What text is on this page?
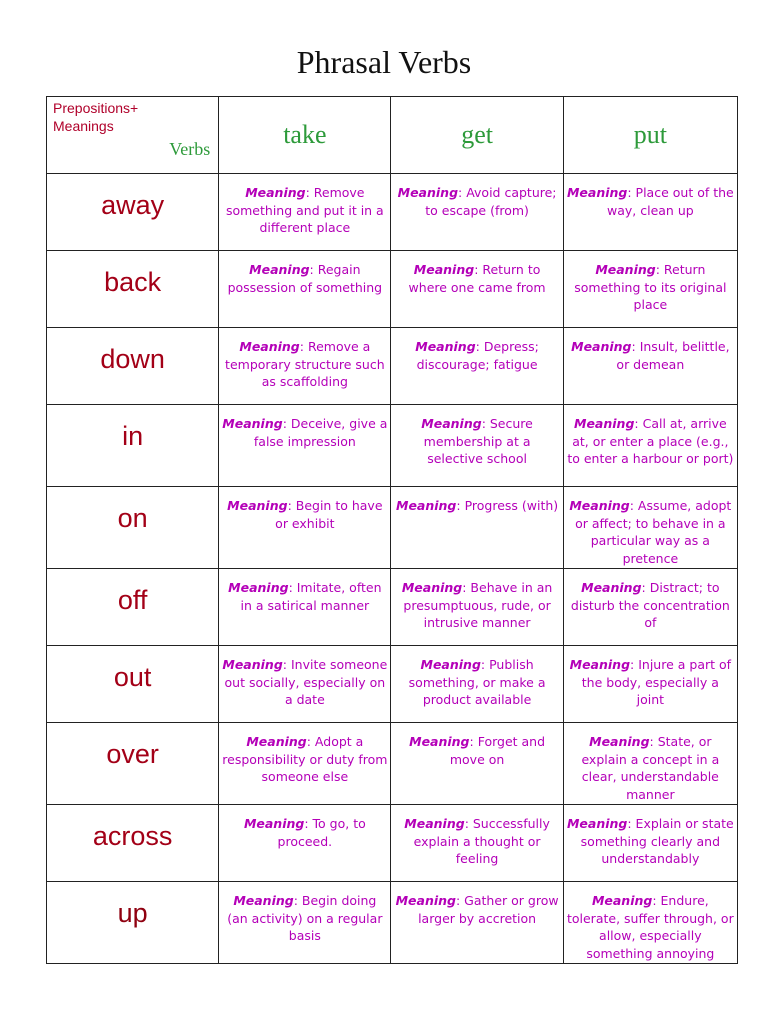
Phrasal Verbs
Prepositions+ Meanings
Verbs	take	get	put
away	Meaning: Remove something and put it in a different place	Meaning: Avoid capture; to escape (from)	Meaning: Place out of the way, clean up
back	Meaning: Regain possession of something	Meaning: Return to where one came from	Meaning: Return something to its original place
down	Meaning: Remove a temporary structure such as scaffolding	Meaning: Depress; discourage; fatigue	Meaning: Insult, belittle, or demean
in	Meaning: Deceive, give a false impression	Meaning: Secure membership at a selective school	Meaning: Call at, arrive at, or enter a place (e.g., to enter a harbour or port)
on	Meaning: Begin to have or exhibit	Meaning: Progress (with)	Meaning: Assume, adopt or affect; to behave in a particular way as a pretence
off	Meaning: Imitate, often in a satirical manner	Meaning: Behave in an presumptuous, rude, or intrusive manner	Meaning: Distract; to disturb the concentration of
out	Meaning: Invite someone out socially, especially on a date	Meaning: Publish something, or make a product available	Meaning: Injure a part of the body, especially a joint
over	Meaning: Adopt a responsibility or duty from someone else	Meaning: Forget and move on	Meaning: State, or explain a concept in a clear, understandable manner
across	Meaning: To go, to proceed.	Meaning: Successfully explain a thought or feeling	Meaning: Explain or state something clearly and understandably
up	Meaning: Begin doing (an activity) on a regular basis	Meaning: Gather or grow larger by accretion	Meaning: Endure, tolerate, suffer through, or allow, especially something annoying
